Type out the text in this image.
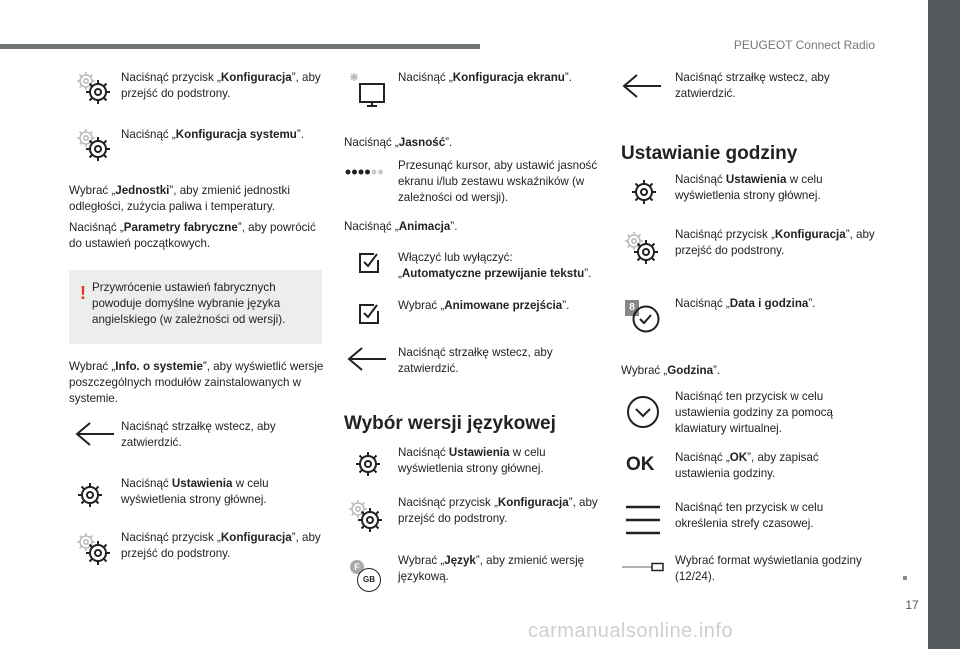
PEUGEOT Connect Radio
17
carmanualsonline.info
Naciśnąć przycisk „Konfiguracja”, aby przejść do podstrony.
Naciśnąć „Konfiguracja systemu”.
Wybrać „Jednostki”, aby zmienić jednostki odległości, zużycia paliwa i temperatury.
Naciśnąć „Parametry fabryczne”, aby powrócić do ustawień początkowych.
! Przywrócenie ustawień fabrycznych powoduje domyślne wybranie języka angielskiego (w zależności od wersji).
Wybrać „Info. o systemie”, aby wyświetlić wersje poszczególnych modułów zainstalowanych w systemie.
Naciśnąć strzałkę wstecz, aby zatwierdzić.
Naciśnąć Ustawienia w celu wyświetlenia strony głównej.
Naciśnąć przycisk „Konfiguracja”, aby przejść do podstrony.
Naciśnąć „Konfiguracja ekranu”.
Naciśnąć „Jasność”.
Przesunąć kursor, aby ustawić jasność ekranu i/lub zestawu wskaźników (w zależności od wersji).
Naciśnąć „Animacja”.
Włączyć lub wyłączyć: „Automatyczne przewijanie tekstu”.
Wybrać „Animowane przejścia”.
Naciśnąć strzałkę wstecz, aby zatwierdzić.
Wybór wersji językowej
Naciśnąć Ustawienia w celu wyświetlenia strony głównej.
Naciśnąć przycisk „Konfiguracja”, aby przejść do podstrony.
F
GB
Wybrać „Język”, aby zmienić wersję językową.
Naciśnąć strzałkę wstecz, aby zatwierdzić.
Ustawianie godziny
Naciśnąć Ustawienia w celu wyświetlenia strony głównej.
Naciśnąć przycisk „Konfiguracja”, aby przejść do podstrony.
8	Naciśnąć „Data i godzina”.
Wybrać „Godzina”.
Naciśnąć ten przycisk w celu ustawienia godziny za pomocą klawiatury wirtualnej.
OK Naciśnąć „OK”, aby zapisać ustawienia godziny.
Naciśnąć ten przycisk w celu określenia strefy czasowej.
Wybrać format wyświetlania godziny (12/24).
